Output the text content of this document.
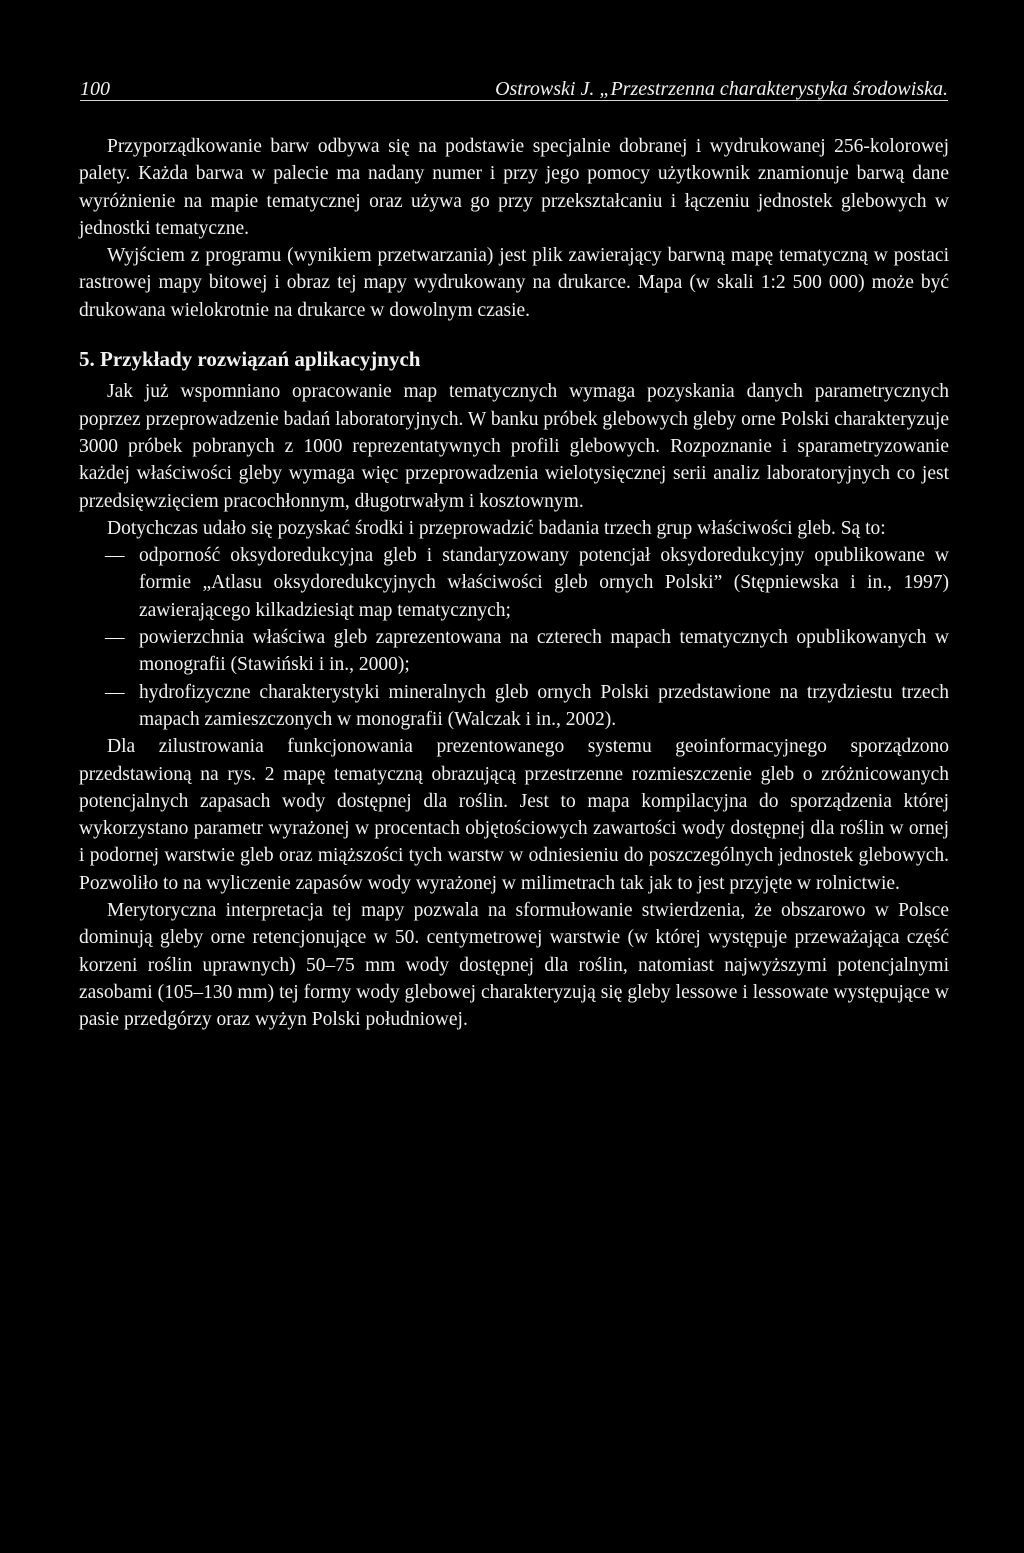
100	Ostrowski J. „Przestrzenna charakterystyka środowiska.

Przyporządkowanie barw odbywa się na podstawie specjalnie dobranej i wydrukowanej 256-kolorowej palety. Każda barwa w palecie ma nadany numer i przy jego pomocy użytkownik znamionuje barwą dane wyróżnienie na mapie tematycznej oraz używa go przy przekształcaniu i łączeniu jednostek glebowych w jednostki tematyczne.

Wyjściem z programu (wynikiem przetwarzania) jest plik zawierający barwną mapę tematyczną w postaci rastrowej mapy bitowej i obraz tej mapy wydrukowany na drukarce. Mapa (w skali 1:2 500 000) może być drukowana wielokrotnie na drukarce w dowolnym czasie.

5. Przykłady rozwiązań aplikacyjnych

Jak już wspomniano opracowanie map tematycznych wymaga pozyskania danych parametrycznych poprzez przeprowadzenie badań laboratoryjnych. W banku próbek glebowych gleby orne Polski charakteryzuje 3000 próbek pobranych z 1000 reprezentatywnych profili glebowych. Rozpoznanie i sparametryzowanie każdej właściwości gleby wymaga więc przeprowadzenia wielotysięcznej serii analiz laboratoryjnych co jest przedsięwzięciem pracochłonnym, długotrwałym i kosztownym.

Dotychczas udało się pozyskać środki i przeprowadzić badania trzech grup właściwości gleb. Są to:

— odporność oksydoredukcyjna gleb i standaryzowany potencjał oksydoredukcyjny opublikowane w formie „Atlasu oksydoredukcyjnych właściwości gleb ornych Polski” (Stępniewska i in., 1997) zawierającego kilkadziesiąt map tematycznych;
— powierzchnia właściwa gleb zaprezentowana na czterech mapach tematycznych opublikowanych w monografii (Stawiński i in., 2000);
— hydrofizyczne charakterystyki mineralnych gleb ornych Polski przedstawione na trzydziestu trzech mapach zamieszczonych w monografii (Walczak i in., 2002).

Dla zilustrowania funkcjonowania prezentowanego systemu geoinformacyjnego sporządzono przedstawioną na rys. 2 mapę tematyczną obrazującą przestrzenne rozmieszczenie gleb o zróżnicowanych potencjalnych zapasach wody dostępnej dla roślin. Jest to mapa kompilacyjna do sporządzenia której wykorzystano parametr wyrażonej w procentach objętościowych zawartości wody dostępnej dla roślin w ornej i podornej warstwie gleb oraz miąższości tych warstw w odniesieniu do poszczególnych jednostek glebowych. Pozwoliło to na wyliczenie zapasów wody wyrażonej w milimetrach tak jak to jest przyjęte w rolnictwie.

Merytoryczna interpretacja tej mapy pozwala na sformułowanie stwierdzenia, że obszarowo w Polsce dominują gleby orne retencjonujące w 50. centymetrowej warstwie (w której występuje przeważająca część korzeni roślin uprawnych) 50–75 mm wody dostępnej dla roślin, natomiast najwyższymi potencjalnymi zasobami (105–130 mm) tej formy wody glebowej charakteryzują się gleby lessowe i lessowate występujące w pasie przedgórzy oraz wyżyn Polski południowej.
